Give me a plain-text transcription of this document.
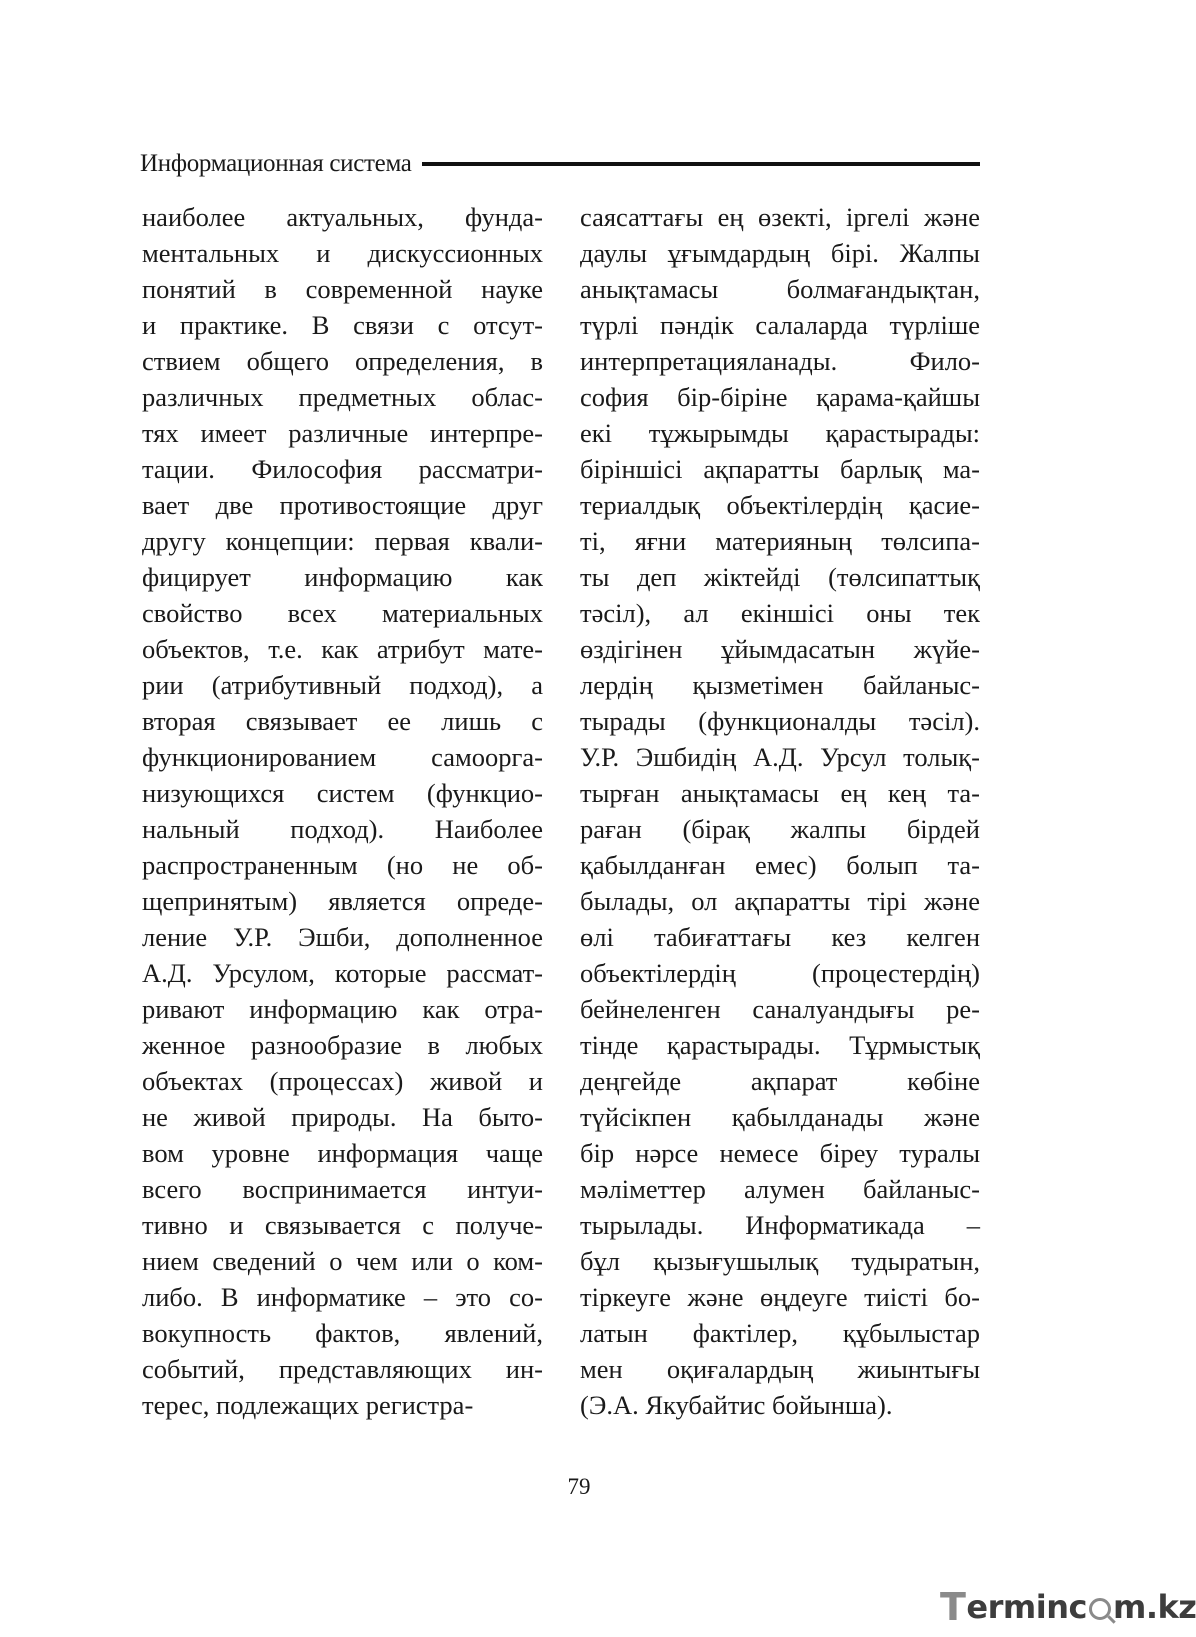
Информационная система
наиболее актуальных, фунда-
ментальных и дискуссионных
понятий в современной науке
и практике. В связи с отсут-
ствием общего определения, в
различных предметных облас-
тях имеет различные интерпре-
тации. Философия рассматри-
вает две противостоящие друг
другу концепции: первая квали-
фицирует информацию как
свойство всех материальных
объектов, т.е. как атрибут мате-
рии (атрибутивный подход), а
вторая связывает ее лишь с
функционированием самоорга-
низующихся систем (функцио-
нальный подход). Наиболее
распространенным (но не об-
щепринятым) является опреде-
ление У.Р. Эшби, дополненное
А.Д. Урсулом, которые рассмат-
ривают информацию как отра-
женное разнообразие в любых
объектах (процессах) живой и
не живой природы. На быто-
вом уровне информация чаще
всего воспринимается интуи-
тивно и связывается с получе-
нием сведений о чем или о ком-
либо. В информатике – это со-
вокупность фактов, явлений,
событий, представляющих ин-
терес, подлежащих регистра-
саясаттағы ең өзекті, іргелі және
даулы ұғымдардың бірі. Жалпы
анықтамасы болмағандықтан,
түрлі пәндік салаларда түрліше
интерпретацияланады. Фило-
софия бір-біріне қарама-қайшы
екі тұжырымды қарастырады:
біріншісі ақпаратты барлық ма-
териалдық объектілердің қасие-
ті, яғни материяның төлсипа-
ты деп жіктейді (төлсипаттық
тәсіл), ал екіншісі оны тек
өздігінен ұйымдасатын жүйе-
лердің қызметімен байланыс-
тырады (функционалды тәсіл).
У.Р. Эшбидің А.Д. Урсул толық-
тырған анықтамасы ең кең та-
раған (бірақ жалпы бірдей
қабылданған емес) болып та-
былады, ол ақпаратты тірі және
өлі табиғаттағы кез келген
объектілердің (процестердің)
бейнеленген саналуандығы ре-
тінде қарастырады. Тұрмыстық
деңгейде ақпарат көбіне
түйсікпен қабылданады және
бір нәрсе немесе біреу туралы
мәліметтер алумен байланыс-
тырылады. Информатикада –
бұл қызығушылық тудыратын,
тіркеуге және өңдеуге тиісті бо-
латын фактілер, құбылыстар
мен оқиғалардың жиынтығы
(Э.А. Якубайтис бойынша).
79
T erminc m.kz
